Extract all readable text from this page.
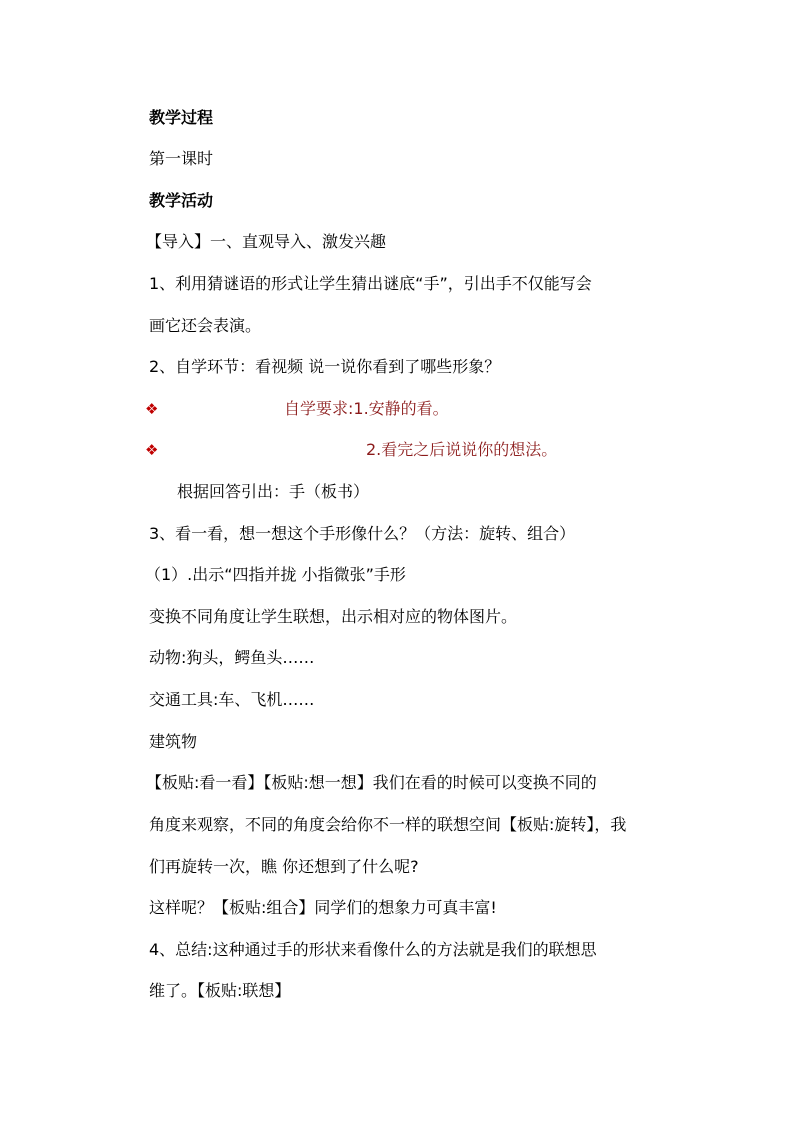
教学过程
第一课时
教学活动
【导入】一、直观导入、激发兴趣
1、利用猜谜语的形式让学生猜出谜底“手”，引出手不仅能写会
画它还会表演。
2、自学环节：看视频 说一说你看到了哪些形象？
❖	自学要求:1.安静的看。
❖	2.看完之后说说你的想法。
根据回答引出：手（板书）
3、看一看，想一想这个手形像什么？（方法：旋转、组合）
（1）.出示“四指并拢 小指微张”手形
变换不同角度让学生联想，出示相对应的物体图片。
动物:狗头，鳄鱼头……
交通工具:车、飞机……
建筑物
【板贴:看一看】【板贴:想一想】我们在看的时候可以变换不同的
角度来观察，不同的角度会给你不一样的联想空间【板贴:旋转】，我
们再旋转一次，瞧 你还想到了什么呢?
这样呢？【板贴:组合】同学们的想象力可真丰富!
4、总结:这种通过手的形状来看像什么的方法就是我们的联想思
维了。【板贴:联想】
